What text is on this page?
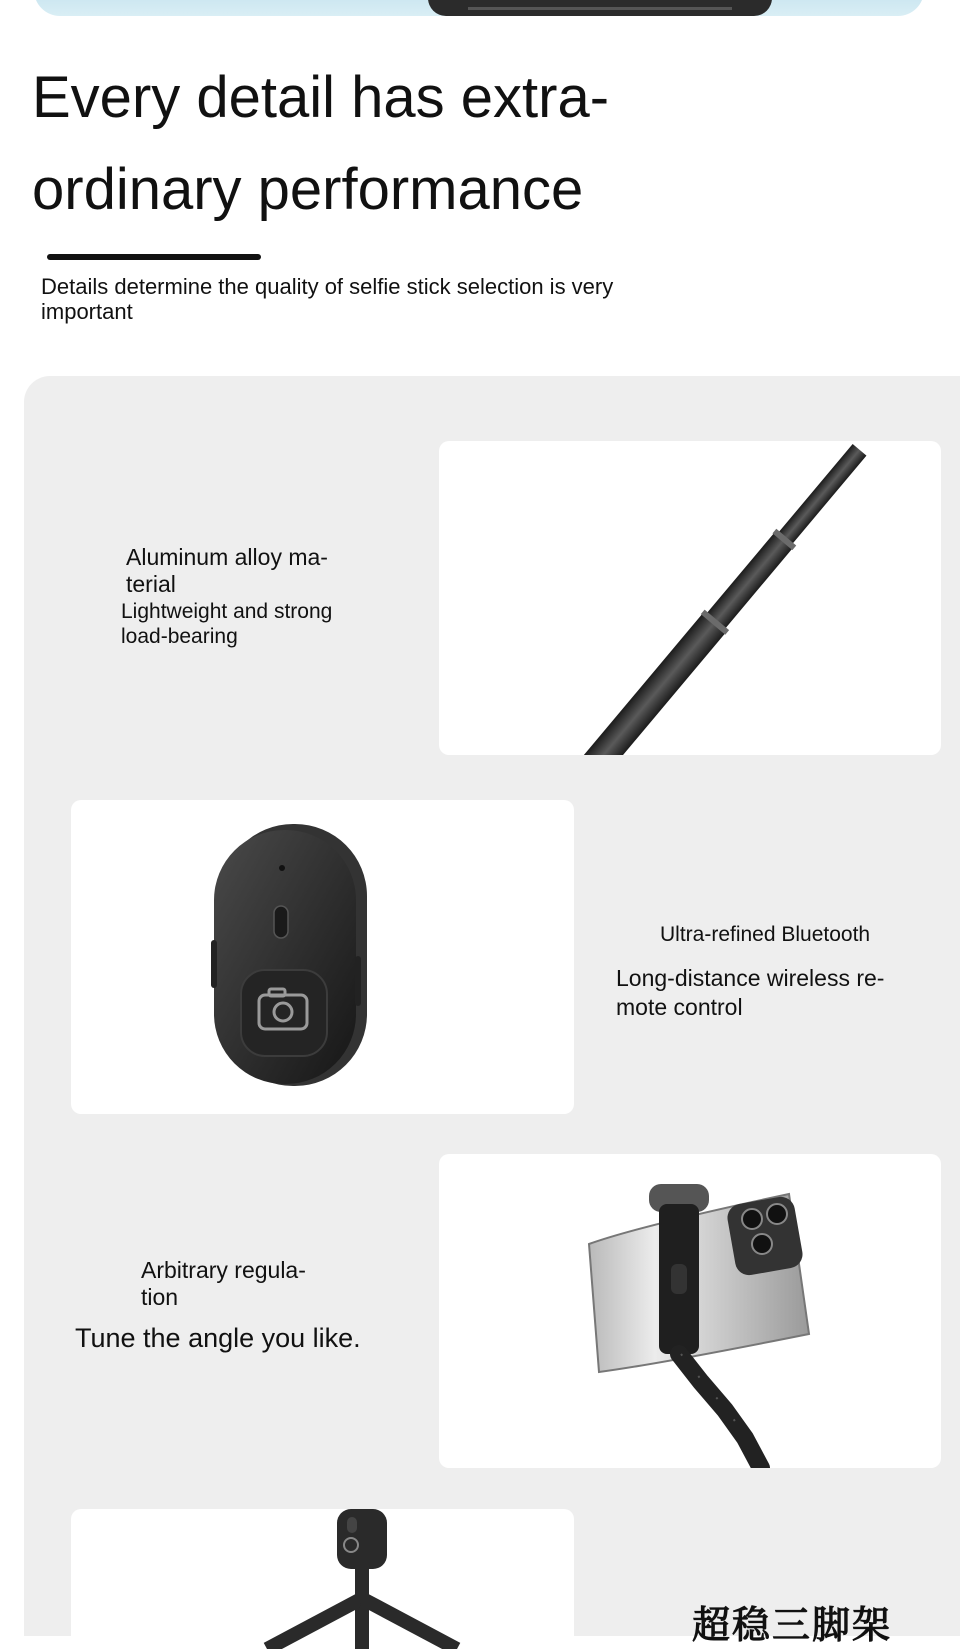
Every detail has extra-ordinary performance

Details determine the quality of selfie stick selection is very important

Aluminum alloy ma-terial

Lightweight and strong load-bearing

Ultra-refined Bluetooth

Long-distance wireless re-mote control

Arbitrary regula-tion

Tune the angle you like.

超稳三脚架
